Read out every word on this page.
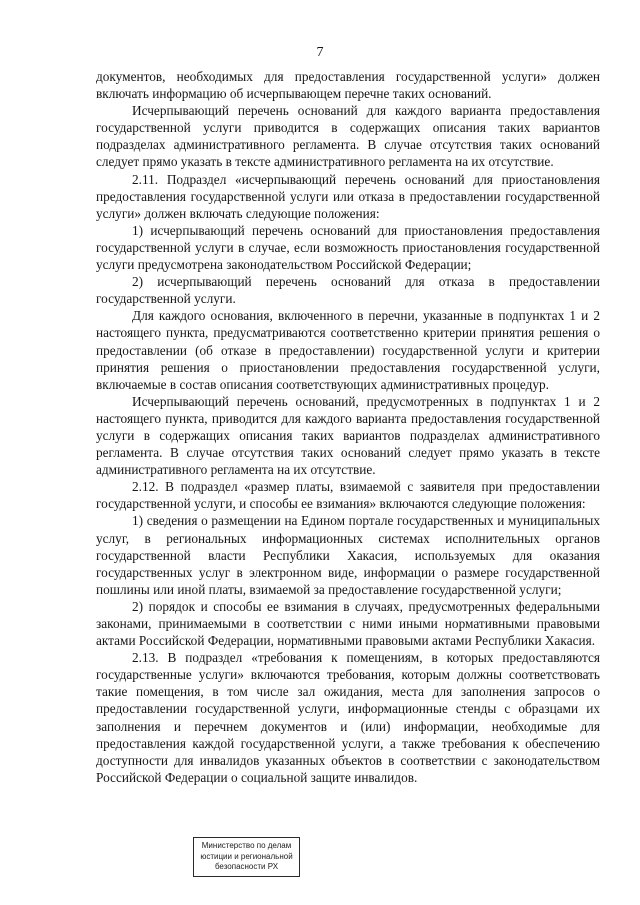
7

документов, необходимых для предоставления государственной услуги» должен включать информацию об исчерпывающем перечне таких оснований.

Исчерпывающий перечень оснований для каждого варианта предоставления государственной услуги приводится в содержащих описания таких вариантов подразделах административного регламента. В случае отсутствия таких оснований следует прямо указать в тексте административного регламента на их отсутствие.

2.11. Подраздел «исчерпывающий перечень оснований для приостановления предоставления государственной услуги или отказа в предоставлении государственной услуги» должен включать следующие положения:

1) исчерпывающий перечень оснований для приостановления предоставления государственной услуги в случае, если возможность приостановления государственной услуги предусмотрена законодательством Российской Федерации;

2) исчерпывающий перечень оснований для отказа в предоставлении государственной услуги.

Для каждого основания, включенного в перечни, указанные в подпунктах 1 и 2 настоящего пункта, предусматриваются соответственно критерии принятия решения о предоставлении (об отказе в предоставлении) государственной услуги и критерии принятия решения о приостановлении предоставления государственной услуги, включаемые в состав описания соответствующих административных процедур.

Исчерпывающий перечень оснований, предусмотренных в подпунктах 1 и 2 настоящего пункта, приводится для каждого варианта предоставления государственной услуги в содержащих описания таких вариантов подразделах административного регламента. В случае отсутствия таких оснований следует прямо указать в тексте административного регламента на их отсутствие.

2.12. В подраздел «размер платы, взимаемой с заявителя при предоставлении государственной услуги, и способы ее взимания» включаются следующие положения:

1) сведения о размещении на Едином портале государственных и муниципальных услуг, в региональных информационных системах исполнительных органов государственной власти Республики Хакасия, используемых для оказания государственных услуг в электронном виде, информации о размере государственной пошлины или иной платы, взимаемой за предоставление государственной услуги;

2) порядок и способы ее взимания в случаях, предусмотренных федеральными законами, принимаемыми в соответствии с ними иными нормативными правовыми актами Российской Федерации, нормативными правовыми актами Республики Хакасия.

2.13. В подраздел «требования к помещениям, в которых предоставляются государственные услуги» включаются требования, которым должны соответствовать такие помещения, в том числе зал ожидания, места для заполнения запросов о предоставлении государственной услуги, информационные стенды с образцами их заполнения и перечнем документов и (или) информации, необходимые для предоставления каждой государственной услуги, а также требования к обеспечению доступности для инвалидов указанных объектов в соответствии с законодательством Российской Федерации о социальной защите инвалидов.

Министерство по делам
юстиции и региональной
безопасности РХ
